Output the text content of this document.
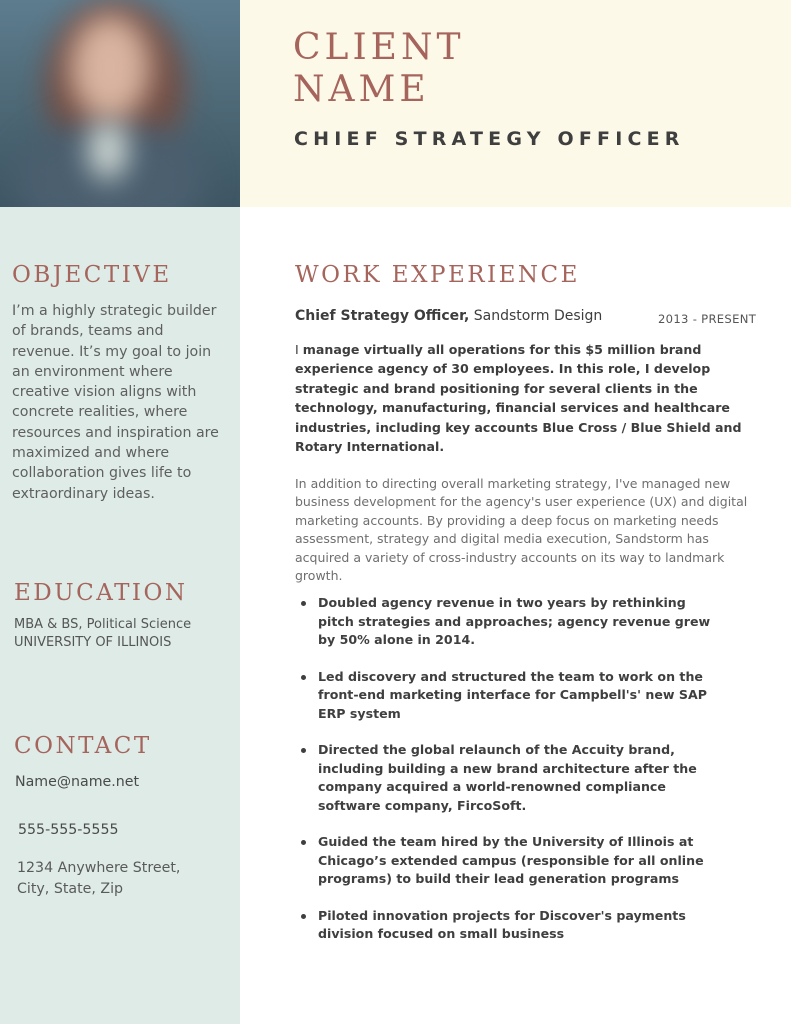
CLIENT
NAME
CHIEF STRATEGY OFFICER
OBJECTIVE

I’m a highly strategic builder of brands, teams and revenue. It’s my goal to join an environment where creative vision aligns with concrete realities, where resources and inspiration are maximized and where collaboration gives life to extraordinary ideas.

EDUCATION

MBA & BS, Political Science

UNIVERSITY OF ILLINOIS

CONTACT

Name@name.net

555-555-5555

1234 Anywhere Street,
City, State, Zip

WORK EXPERIENCE

Chief Strategy Officer, Sandstorm Design	2013 - PRESENT

I manage virtually all operations for this $5 million brand experience agency of 30 employees. In this role, I develop strategic and brand positioning for several clients in the technology, manufacturing, financial services and healthcare industries, including key accounts Blue Cross / Blue Shield and Rotary International.

In addition to directing overall marketing strategy, I've managed new business development for the agency's user experience (UX) and digital marketing accounts. By providing a deep focus on marketing needs assessment, strategy and digital media execution, Sandstorm has acquired a variety of cross-industry accounts on its way to landmark growth.

Doubled agency revenue in two years by rethinking pitch strategies and approaches; agency revenue grew by 50% alone in 2014.
Led discovery and structured the team to work on the front-end marketing interface for Campbell's' new SAP ERP system
Directed the global relaunch of the Accuity brand, including building a new brand architecture after the company acquired a world-renowned compliance software company, FircoSoft.
Guided the team hired by the University of Illinois at Chicago’s extended campus (responsible for all online programs) to build their lead generation programs
Piloted innovation projects for Discover's payments division focused on small business
